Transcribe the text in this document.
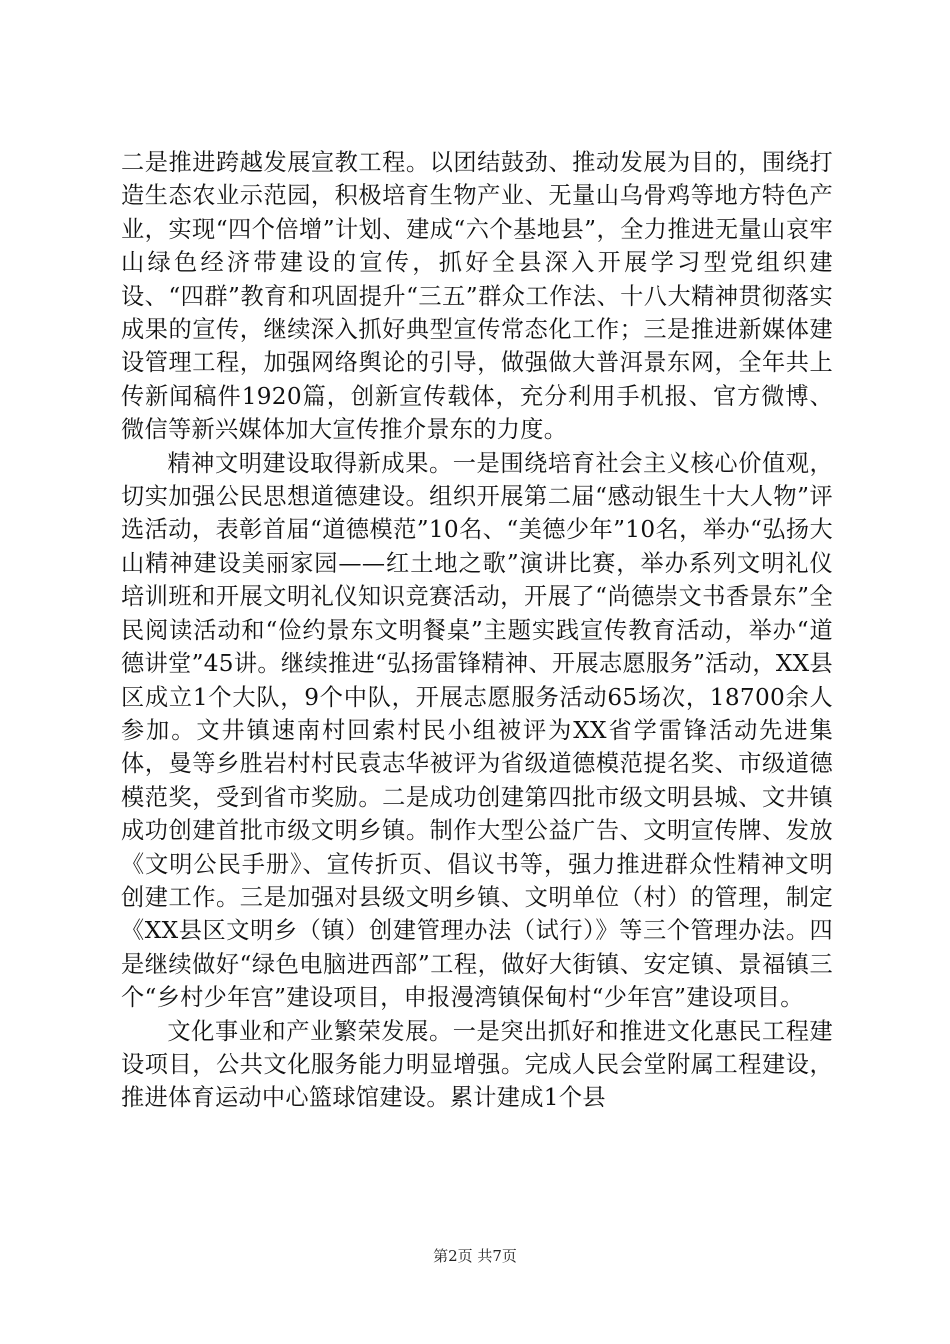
二是推进跨越发展宣教工程。以团结鼓劲、推动发展为目的，围绕打造生态农业示范园，积极培育生物产业、无量山乌骨鸡等地方特色产业，实现“四个倍增”计划、建成“六个基地县”，全力推进无量山哀牢山绿色经济带建设的宣传，抓好全县深入开展学习型党组织建设、“四群”教育和巩固提升“三五”群众工作法、十八大精神贯彻落实成果的宣传，继续深入抓好典型宣传常态化工作；三是推进新媒体建设管理工程，加强网络舆论的引导，做强做大普洱景东网，全年共上传新闻稿件1920篇，创新宣传载体，充分利用手机报、官方微博、微信等新兴媒体加大宣传推介景东的力度。

精神文明建设取得新成果。一是围绕培育社会主义核心价值观，切实加强公民思想道德建设。组织开展第二届“感动银生十大人物”评选活动，表彰首届“道德模范”10名、“美德少年”10名，举办“弘扬大山精神建设美丽家园——红土地之歌”演讲比赛，举办系列文明礼仪培训班和开展文明礼仪知识竞赛活动，开展了“尚德崇文书香景东”全民阅读活动和“俭约景东文明餐桌”主题实践宣传教育活动，举办“道德讲堂”45讲。继续推进“弘扬雷锋精神、开展志愿服务”活动，XX县区成立1个大队，9个中队，开展志愿服务活动65场次，18700余人参加。文井镇速南村回索村民小组被评为XX省学雷锋活动先进集体，曼等乡胜岩村村民袁志华被评为省级道德模范提名奖、市级道德模范奖，受到省市奖励。二是成功创建第四批市级文明县城、文井镇成功创建首批市级文明乡镇。制作大型公益广告、文明宣传牌、发放《文明公民手册》、宣传折页、倡议书等，强力推进群众性精神文明创建工作。三是加强对县级文明乡镇、文明单位（村）的管理，制定《XX县区文明乡（镇）创建管理办法（试行）》等三个管理办法。四是继续做好“绿色电脑进西部”工程，做好大街镇、安定镇、景福镇三个“乡村少年宫”建设项目，申报漫湾镇保甸村“少年宫”建设项目。

文化事业和产业繁荣发展。一是突出抓好和推进文化惠民工程建设项目，公共文化服务能力明显增强。完成人民会堂附属工程建设，推进体育运动中心篮球馆建设。累计建成1个县

第2页 共7页
